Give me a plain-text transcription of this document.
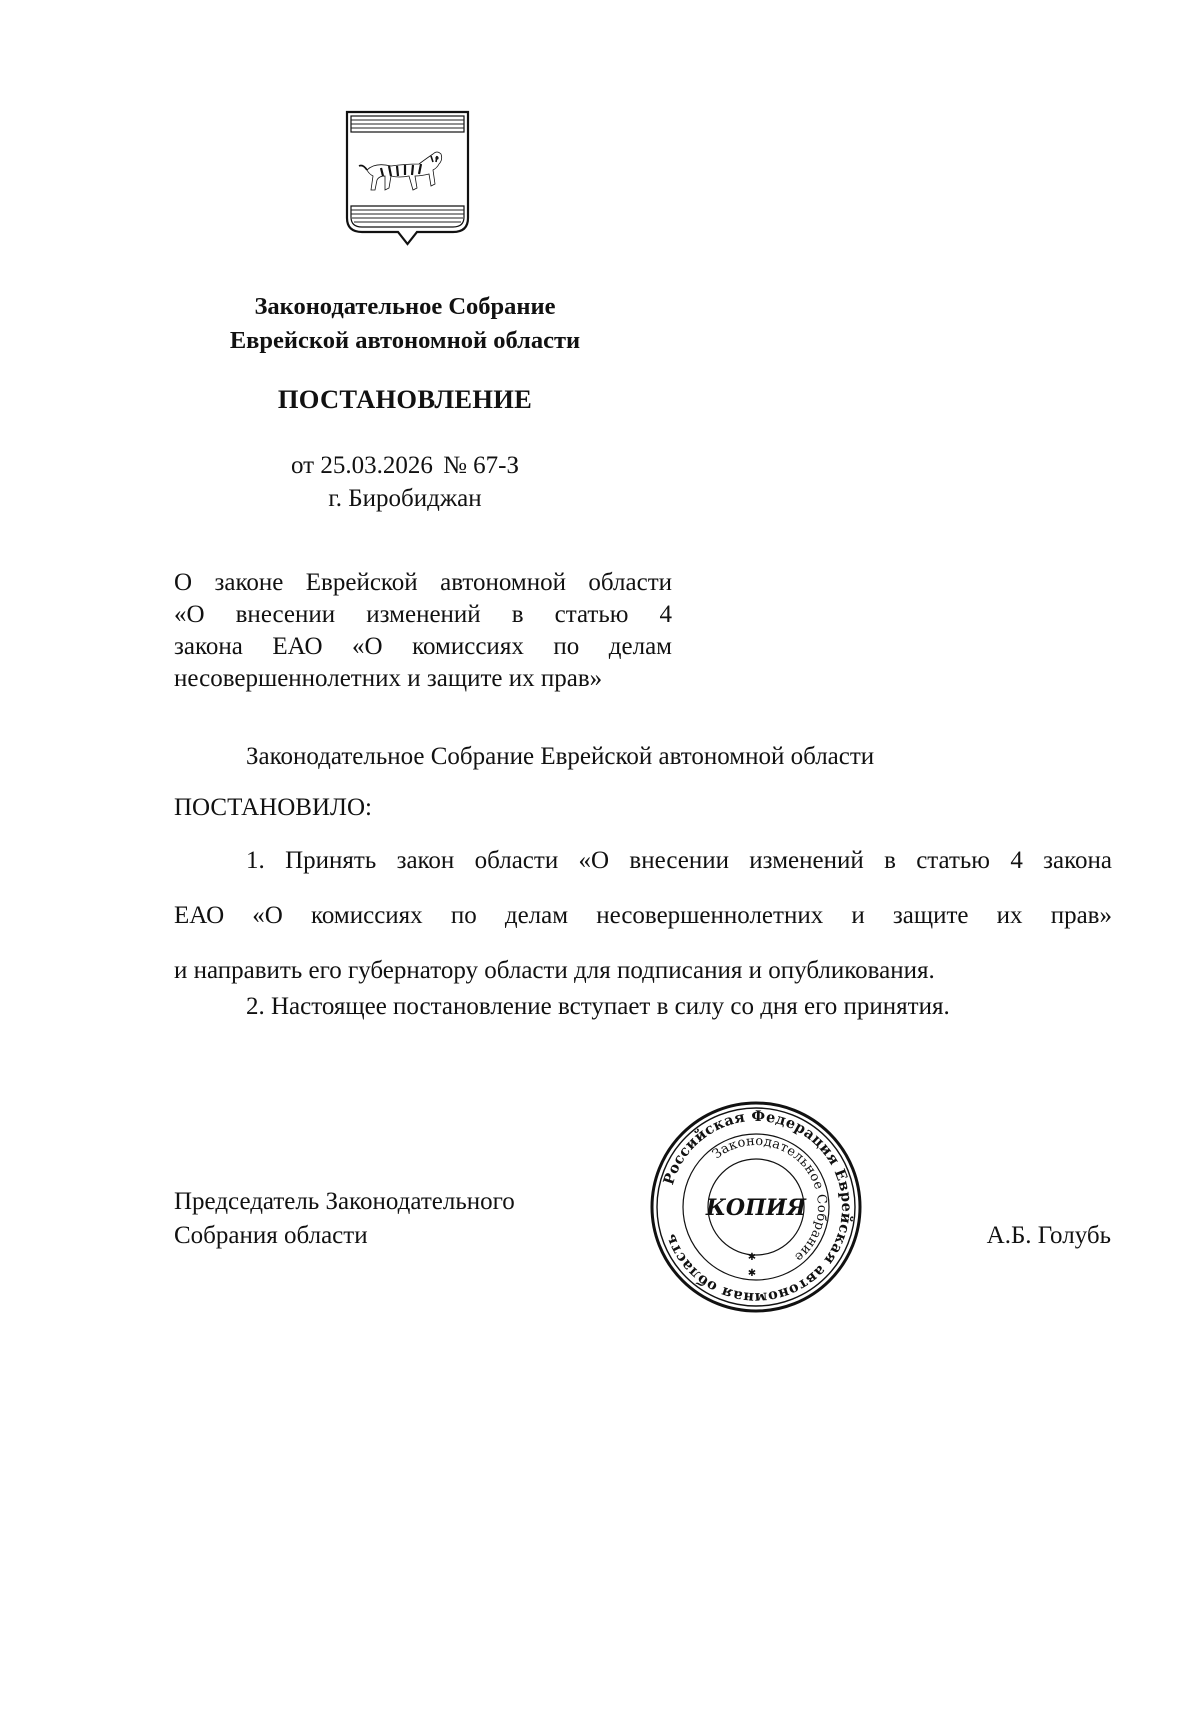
Законодательное Собрание
Еврейской автономной области
ПОСТАНОВЛЕНИЕ
от 25.03.2026 № 67-З
г. Биробиджан
О законе Еврейской автономной области
«О внесении изменений в статью 4
закона ЕАО «О комиссиях по делам
несовершеннолетних и защите их прав»
Законодательное Собрание Еврейской автономной области
ПОСТАНОВИЛО:
1. Принять закон области «О внесении изменений в статью 4 закона
ЕАО «О комиссиях по делам несовершеннолетних и защите их прав»
и направить его губернатору области для подписания и опубликования.
2. Настоящее постановление вступает в силу со дня его принятия.
Председатель Законодательного
Собрания области	А.Б. Голубь
Российская Федерация Еврейская автономная область
Законодательное Собрание
КОПИЯ
✱
✱
